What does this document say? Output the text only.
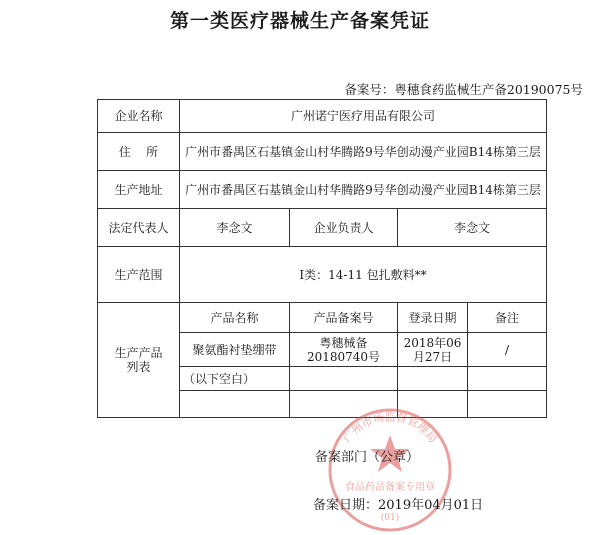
第一类医疗器械生产备案凭证
备案号：粤穗食药监械生产备20190075号
企业名称	广州诺宁医疗用品有限公司			
住    所	广州市番禺区石基镇金山村华腾路9号华创动漫产业园B14栋第三层			
生产地址	广州市番禺区石基镇金山村华腾路9号华创动漫产业园B14栋第三层			
法定代表人	李念文	企业负责人	李念文	
生产范围	I类：14-11 包扎敷料**			
生产产品列表	产品名称	产品备案号	登录日期	备注
	聚氨酯衬垫绷带	粤穗械备20180740号	2018年06月27日	/
	（以下空白）			

广州市场监督管理局
食品药品备案专用章
(01)
备案部门（公章）
备案日期：2019年04月01日
